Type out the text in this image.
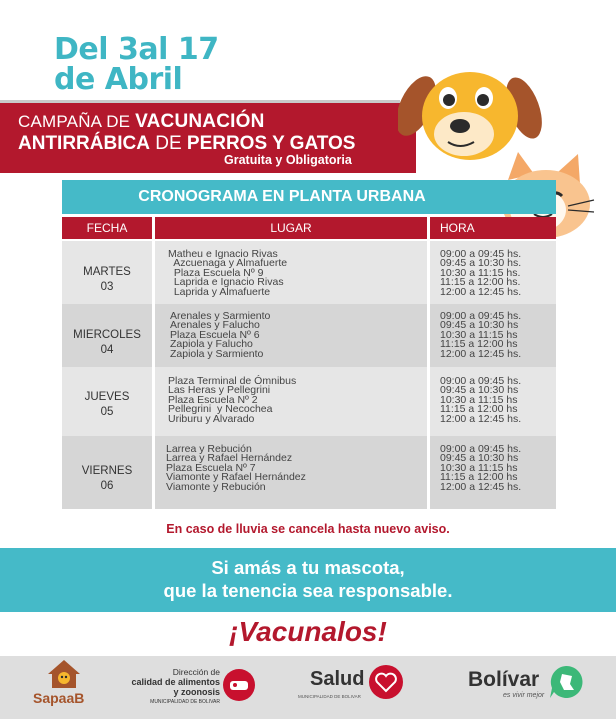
Del 3al 17
de Abril
CAMPAÑA DE VACUNACIÓN
ANTIRRÁBICA DE PERROS Y GATOS
Gratuita y Obligatoria
CRONOGRAMA EN PLANTA URBANA
FECHA	LUGAR	HORA
MARTES
03
Matheu e Ignacio Rivas
Azcuenaga y Almafuerte
Plaza Escuela Nº 9
Laprida e Ignacio Rivas
Laprida y Almafuerte
09:00 a 09:45 hs.
09:45 a 10:30 hs.
10:30 a 11:15 hs.
11:15 a 12:00 hs.
12:00 a 12:45 hs.
MIERCOLES
04
Arenales y Sarmiento
Arenales y Falucho
Plaza Escuela Nº 6
Zapiola y Falucho
Zapiola y Sarmiento
09:00 a 09:45 hs.
09:45 a 10:30 hs
10:30 a 11:15 hs
11:15 a 12:00 hs
12:00 a 12:45 hs.
JUEVES
05
Plaza Terminal de Ómnibus
Las Heras y Pellegrini
Plaza Escuela Nº 2
Pellegrini  y Necochea
Uriburu y Alvarado
09:00 a 09:45 hs.
09:45 a 10:30 hs
10:30 a 11:15 hs
11:15 a 12:00 hs
12:00 a 12:45 hs.
VIERNES
06
Larrea y Rebución
Larrea y Rafael Hernández
Plaza Escuela Nº 7
Viamonte y Rafael Hernández
Viamonte y Rebución
09:00 a 09:45 hs.
09:45 a 10:30 hs
10:30 a 11:15 hs
11:15 a 12:00 hs
12:00 a 12:45 hs.
En caso de lluvia se cancela hasta nuevo aviso.
Si amás a tu mascota,
que la tenencia sea responsable.
¡Vacunalos!
SapaaB
Dirección de
calidad de alimentos
y zoonosis
MUNICIPALIDAD DE BOLIVAR
Salud
MUNICIPALIDAD DE BOLIVAR
Bolívar
es vivir mejor
